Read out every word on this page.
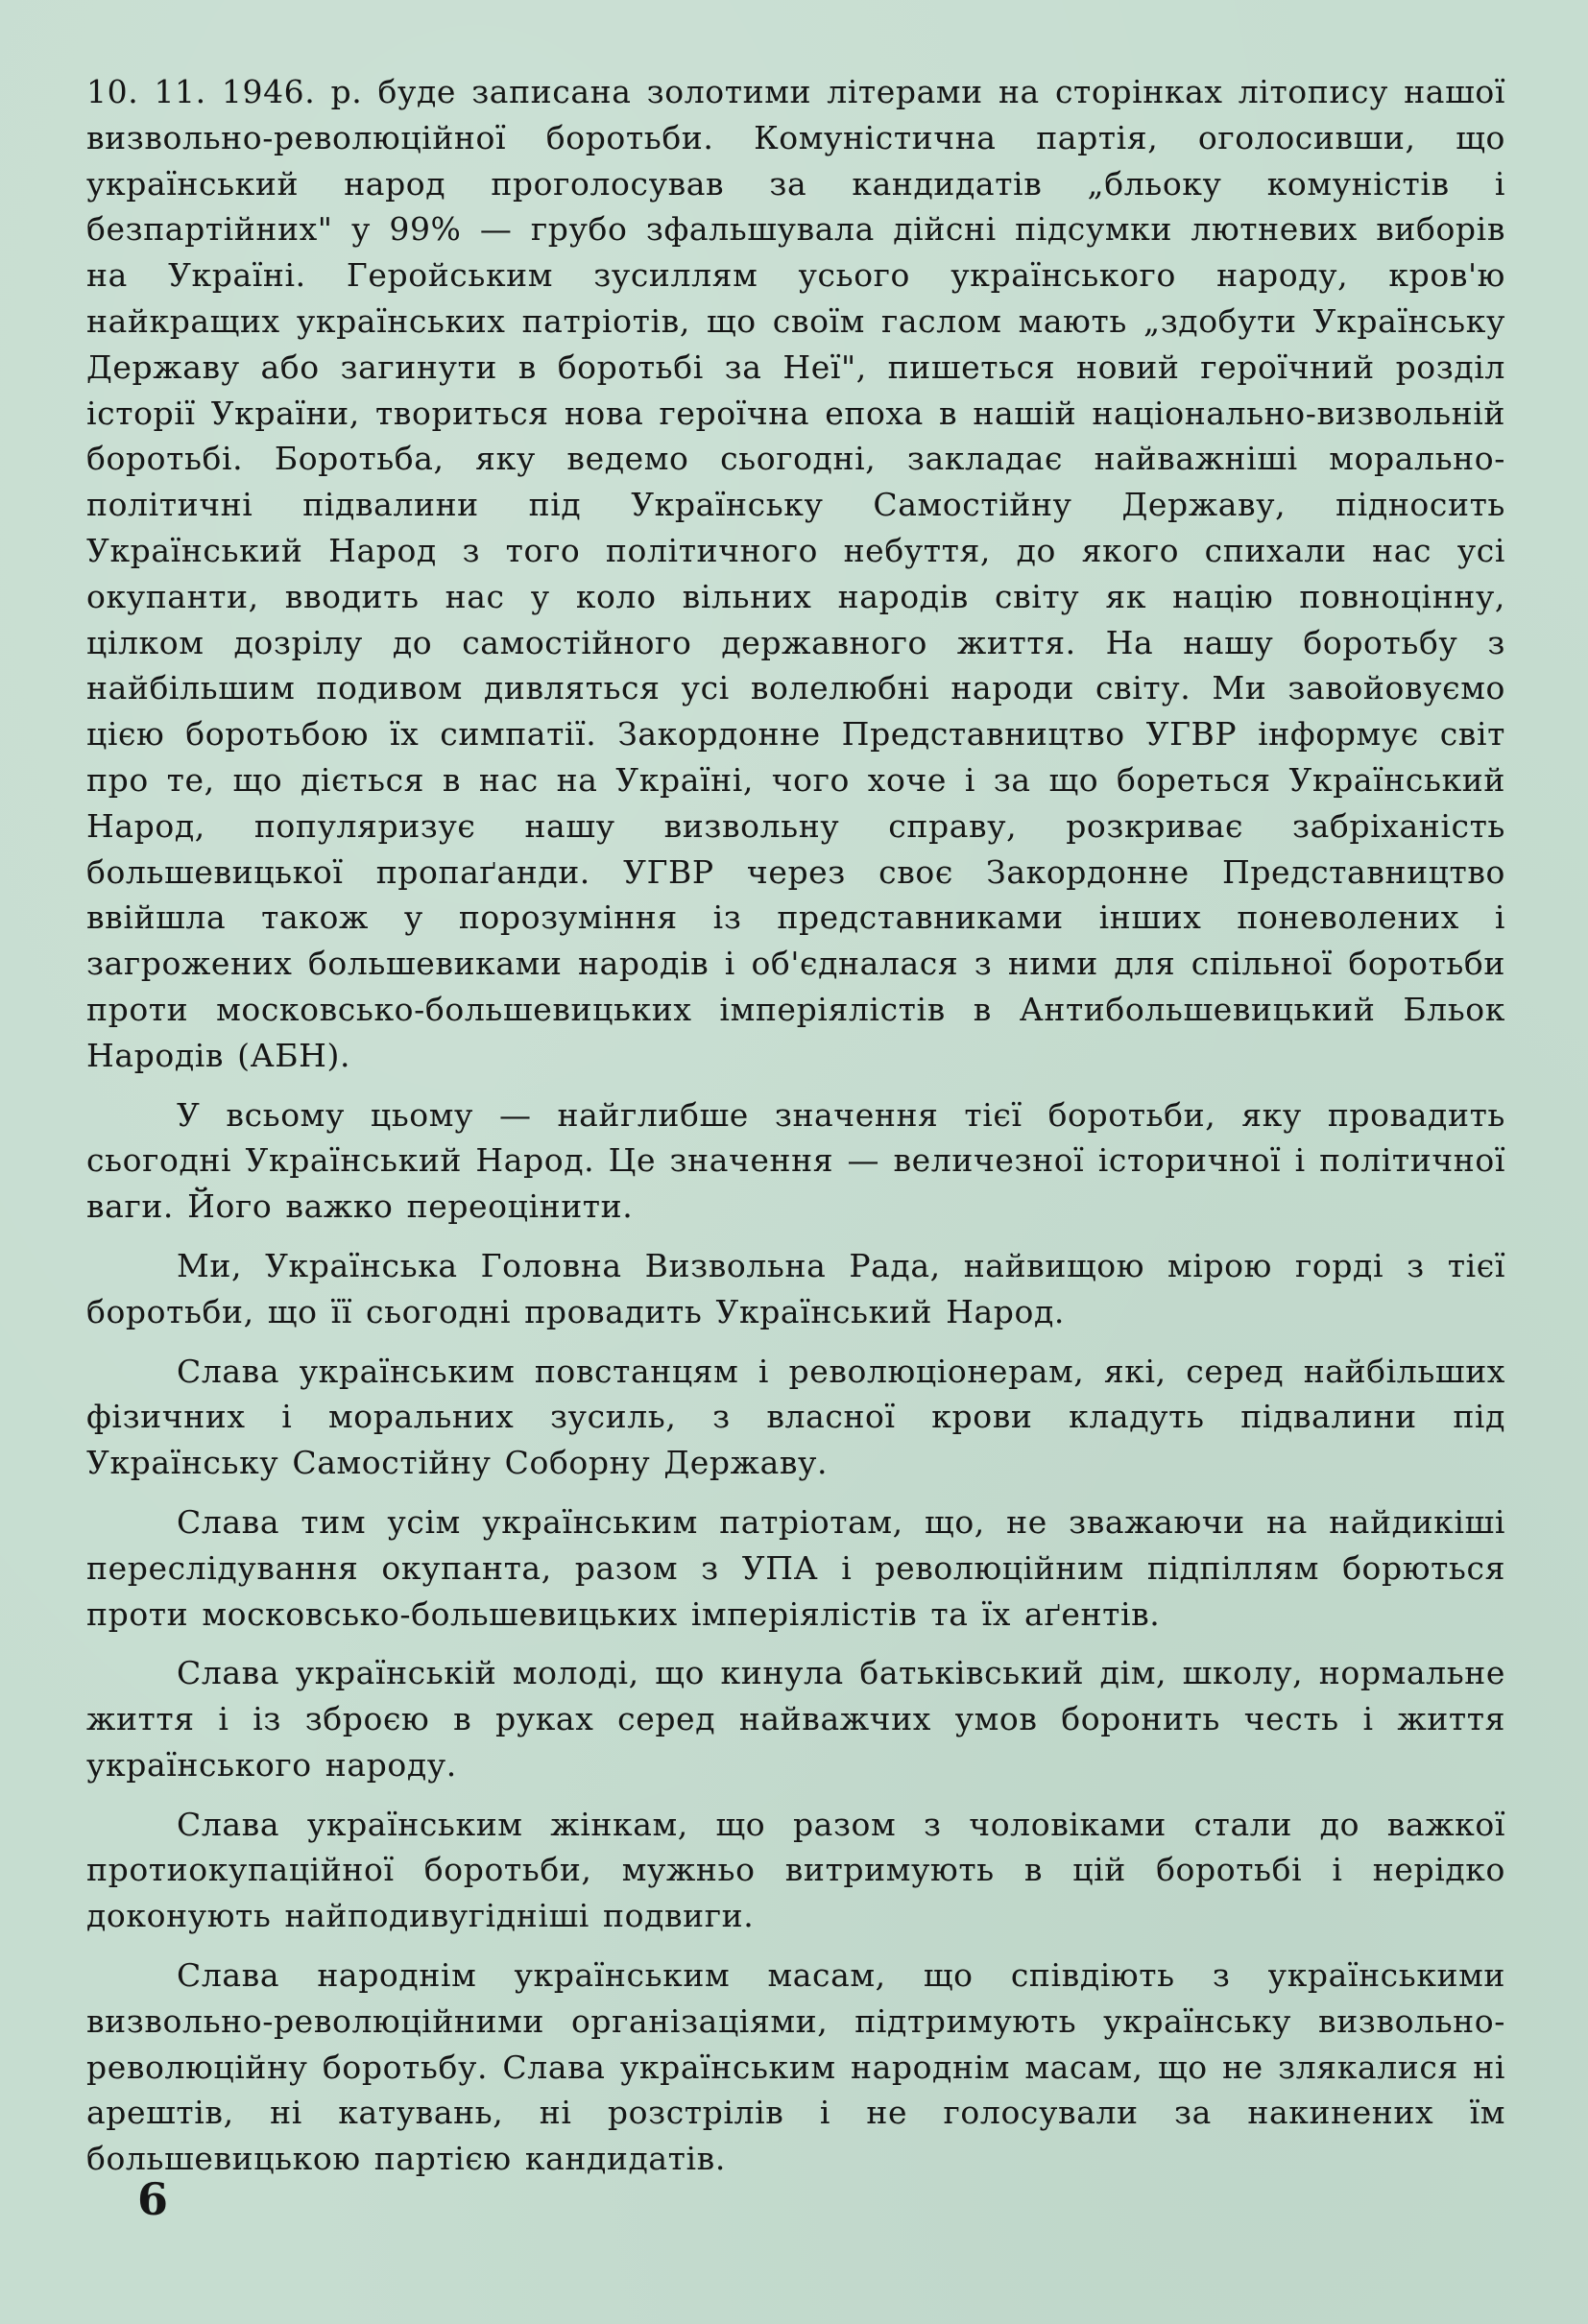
10. 11. 1946. р. буде записана золотими літерами на сторінках літопису нашої визвольно-революційної боротьби. Комуністична партія, оголосивши, що український народ проголосував за кандидатів „бльоку комуністів і безпартійних" у 99% — грубо зфальшувала дійсні підсумки лютневих виборів на Україні. Геройським зусиллям усього українського народу, кров'ю найкращих українських патріотів, що своїм гаслом мають „здобути Українську Державу або загинути в боротьбі за Неї", пишеться новий героїчний розділ історії України, твориться нова героїчна епоха в нашій національно-визвольній боротьбі. Боротьба, яку ведемо сьогодні, закладає найважніші морально-політичні підвалини під Українську Самостійну Державу, підносить Український Народ з того політичного небуття, до якого спихали нас усі окупанти, вводить нас у коло вільних народів світу як націю повноцінну, цілком дозрілу до самостійного державного життя. На нашу боротьбу з найбільшим подивом дивляться усі волелюбні народи світу. Ми завойовуємо цією боротьбою їх симпатії. Закордонне Представництво УГВР інформує світ про те, що діється в нас на Україні, чого хоче і за що бореться Український Народ, популяризує нашу визвольну справу, розкриває забріханість большевицької пропаґанди. УГВР через своє Закордонне Представництво ввійшла також у порозуміння із представниками інших поневолених і загрожених большевиками народів і об'єдналася з ними для спільної боротьби проти московсько-большевицьких імперіялістів в Антибольшевицький Бльок Народів (АБН).

У всьому цьому — найглибше значення тієї боротьби, яку провадить сьогодні Український Народ. Це значення — величезної історичної і політичної ваги. Його важко переоцінити.

Ми, Українська Головна Визвольна Рада, найвищою мірою горді з тієї боротьби, що її сьогодні провадить Український Народ.

Слава українським повстанцям і революціонерам, які, серед найбільших фізичних і моральних зусиль, з власної крови кладуть підвалини під Українську Самостійну Соборну Державу.

Слава тим усім українським патріотам, що, не зважаючи на найдикіші переслідування окупанта, разом з УПА і революційним підпіллям борються проти московсько-большевицьких імперіялістів та їх аґентів.

Слава українській молоді, що кинула батьківський дім, школу, нормальне життя і із зброєю в руках серед найважчих умов боронить честь і життя українського народу.

Слава українським жінкам, що разом з чоловіками стали до важкої протиокупаційної боротьби, мужньо витримують в цій боротьбі і нерідко доконують найподивугідніші подвиги.

Слава народнім українським масам, що співдіють з українськими визвольно-революційними організаціями, підтримують українську визвольно-революційну боротьбу. Слава українським народнім масам, що не злякалися ні арештів, ні катувань, ні розстрілів і не голосували за накинених їм большевицькою партією кандидатів.

6
